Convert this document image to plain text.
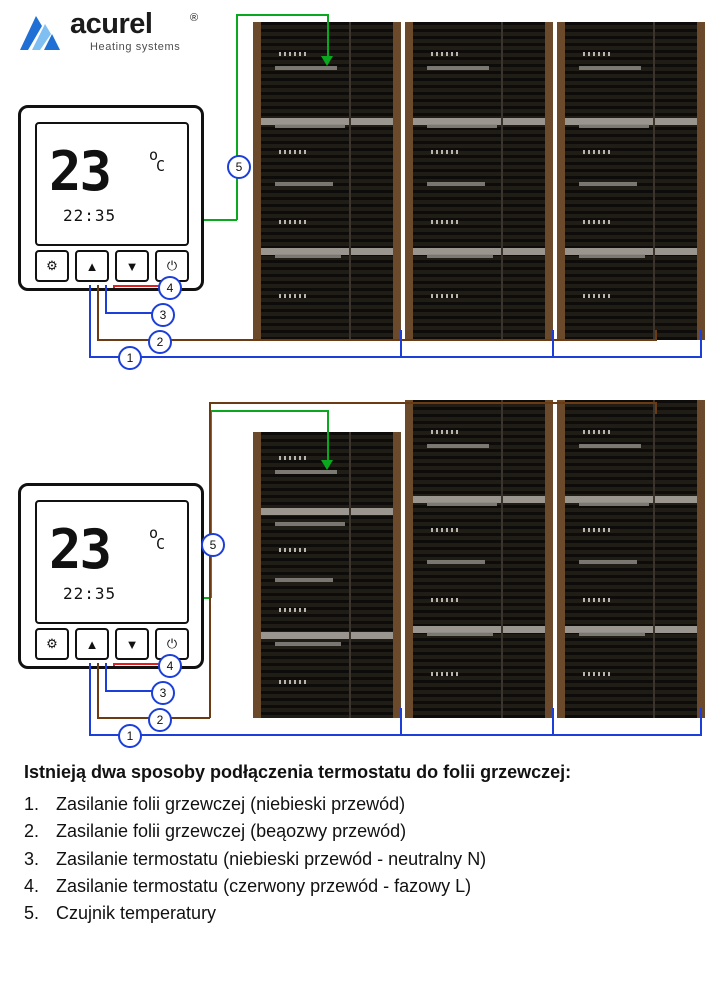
acurel	®
Heating systems
5
23	o
C
22:35
⚙	▲	▼	⏻
4
3
2
1
5
23	o
C
22:35
⚙	▲	▼	⏻
4
3
2
1
Istnieją dwa sposoby podłączenia termostatu do folii grzewczej:
1. Zasilanie folii grzewczej (niebieski przewód)
2. Zasilanie folii grzewczej (beąozwy przewód)
3. Zasilanie termostatu (niebieski przewód - neutralny N)
4. Zasilanie termostatu (czerwony przewód - fazowy L)
5. Czujnik temperatury
